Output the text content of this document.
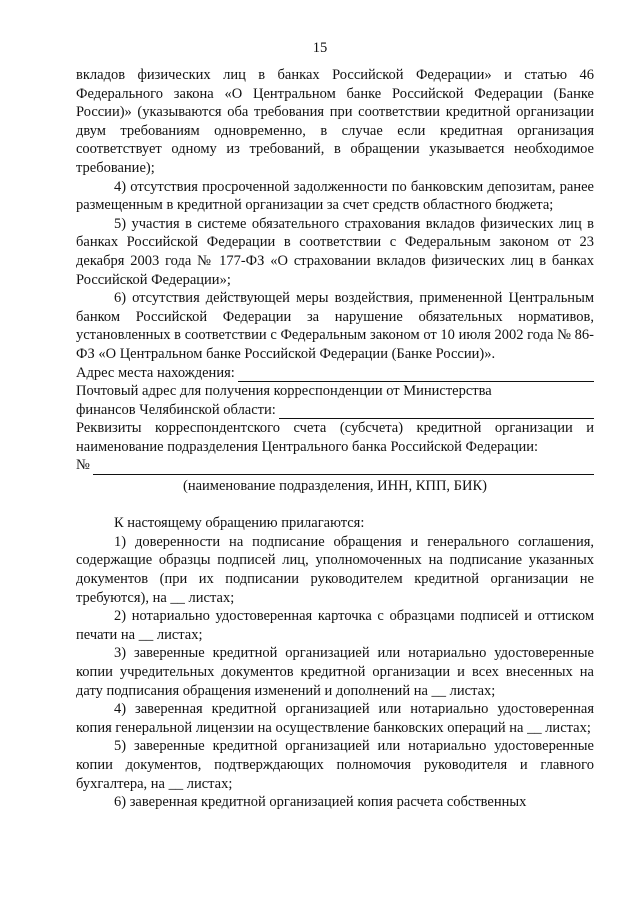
15

вкладов физических лиц в банках Российской Федерации» и статью 46 Федерального закона «О Центральном банке Российской Федерации (Банке России)» (указываются оба требования при соответствии кредитной организации двум требованиям одновременно, в случае если кредитная организация соответствует одному из требований, в обращении указывается необходимое требование);

4) отсутствия просроченной задолженности по банковским депозитам, ранее размещенным в кредитной организации за счет средств областного бюджета;

5) участия в системе обязательного страхования вкладов физических лиц в банках Российской Федерации в соответствии с Федеральным законом от 23 декабря 2003 года № 177-ФЗ «О страховании вкладов физических лиц в банках Российской Федерации»;

6) отсутствия действующей меры воздействия, примененной Центральным банком Российской Федерации за нарушение обязательных нормативов, установленных в соответствии с Федеральным законом от 10 июля 2002 года № 86-ФЗ «О Центральном банке Российской Федерации (Банке России)».

Адрес места нахождения:

Почтовый адрес для получения корреспонденции от Министерства

финансов Челябинской области:

Реквизиты корреспондентского счета (субсчета) кредитной организации и наименование подразделения Центрального банка Российской Федерации:

№
(наименование подразделения, ИНН, КПП, БИК)

К настоящему обращению прилагаются:

1) доверенности на подписание обращения и генерального соглашения, содержащие образцы подписей лиц, уполномоченных на подписание указанных документов (при их подписании руководителем кредитной организации не требуются), на __ листах;

2) нотариально удостоверенная карточка с образцами подписей и оттиском печати на __ листах;

3) заверенные кредитной организацией или нотариально удостоверенные копии учредительных документов кредитной организации и всех внесенных на дату подписания обращения изменений и дополнений на __ листах;

4) заверенная кредитной организацией или нотариально удостоверенная копия генеральной лицензии на осуществление банковских операций на __ листах;

5) заверенные кредитной организацией или нотариально удостоверенные копии документов, подтверждающих полномочия руководителя и главного бухгалтера, на __ листах;

6) заверенная кредитной организацией копия расчета собственных
